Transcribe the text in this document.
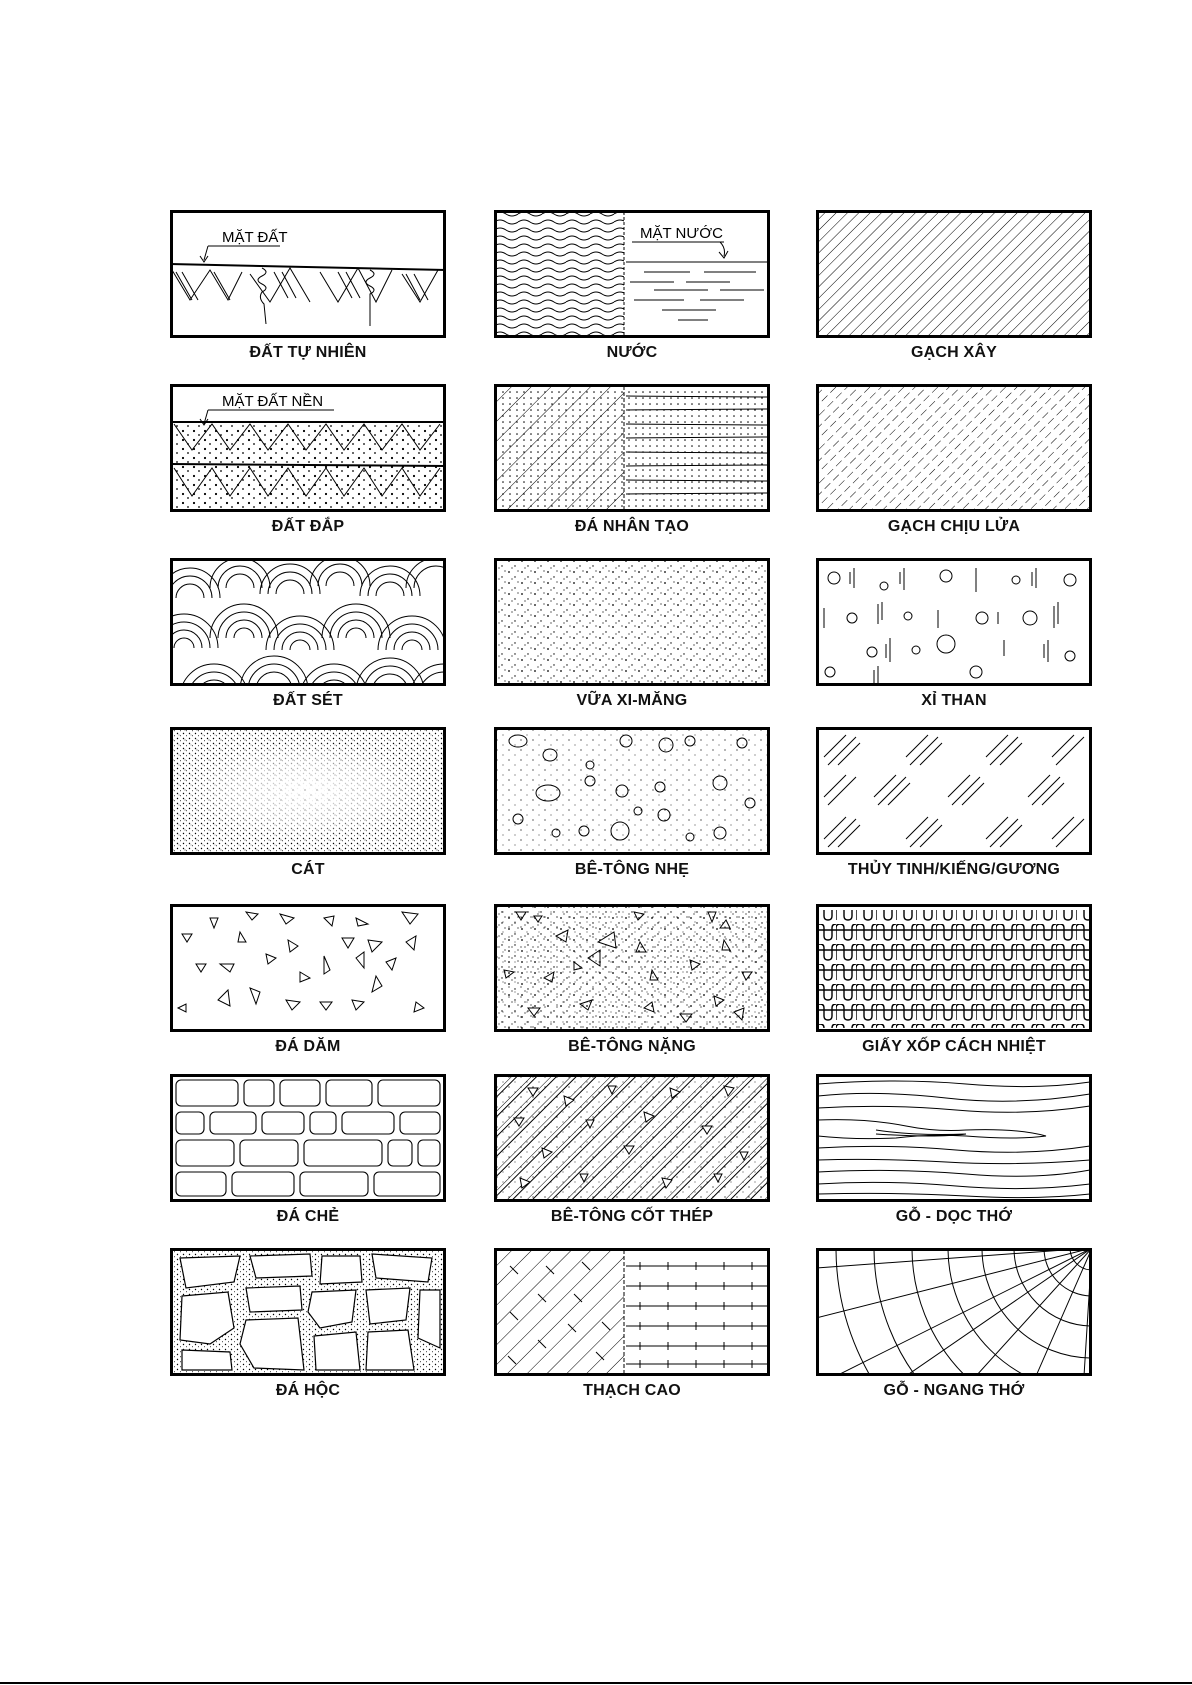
MẶT ĐẤT
ĐẤT TỰ NHIÊN
MẶT NƯỚC
NƯỚC	GẠCH XÂY
MẶT ĐẤT NỀN
ĐẤT ĐẮP	ĐÁ NHÂN TẠO	GẠCH CHỊU LỬA
ĐẤT SÉT	VỮA XI-MĂNG	XỈ THAN
CÁT	BÊ-TÔNG NHẸ	THỦY TINH/KIẾNG/GƯƠNG
ĐÁ DĂM	BÊ-TÔNG NẶNG	GIẤY XỐP CÁCH NHIỆT
ĐÁ CHẺ	BÊ-TÔNG CỐT THÉP	GỖ - DỌC THỚ
ĐÁ HỘC	THẠCH CAO	GỖ - NGANG THỚ
